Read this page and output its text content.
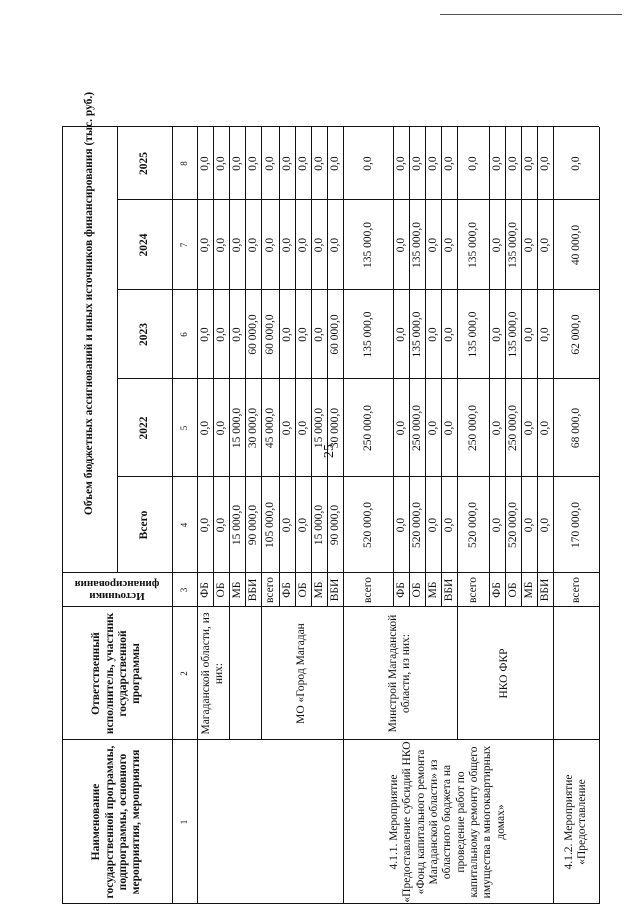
25
Наименование государственной программы, подпрограммы, основного мероприятия, мероприятия
Ответственный исполнитель, участник государственной программы
Источники финансирования
Объем бюджетных ассигнований и иных источников финансирования (тыс. руб.)
Всего
2022
2023
2024
2025
1
2
3
4
5
6
7
8
Магаданской области, из них:	МО «Город Магадан
4.1.1. Мероприятие «Предоставление субсидий НКО «Фонд капитального ремонта Магаданской области» из областного бюджета на проведение работ по капитальному ремонту общего имущества в многоквартирных домах»
Минстрой Магаданской области, из них:	НКО ФКР
4.1.2. Мероприятие «Предоставление
ФБ
0,0
0,0
0,0
0,0
0,0
ОБ
0,0
0,0
0,0
0,0
0,0
МБ
15 000,0
15 000,0
0,0
0,0
0,0
ВБИ
90 000,0
30 000,0
60 000,0
0,0
0,0
всего
105 000,0
45 000,0
60 000,0
0,0
0,0
ФБ
0,0
0,0
0,0
0,0
0,0
ОБ
0,0
0,0
0,0
0,0
0,0
МБ
15 000,0
15 000,0
0,0
0,0
0,0
ВБИ
90 000,0
30 000,0
60 000,0
0,0
0,0
всего
520 000,0
250 000,0
135 000,0
135 000,0
0,0
ФБ
0,0
0,0
0,0
0,0
0,0
ОБ
520 000,0
250 000,0
135 000,0
135 000,0
0,0
МБ
0,0
0,0
0,0
0,0
0,0
ВБИ
0,0
0,0
0,0
0,0
0,0
всего
520 000,0
250 000,0
135 000,0
135 000,0
0,0
ФБ
0,0
0,0
0,0
0,0
0,0
ОБ
520 000,0
250 000,0
135 000,0
135 000,0
0,0
МБ
0,0
0,0
0,0
0,0
0,0
ВБИ
0,0
0,0
0,0
0,0
0,0
всего
170 000,0
68 000,0
62 000,0
40 000,0
0,0
